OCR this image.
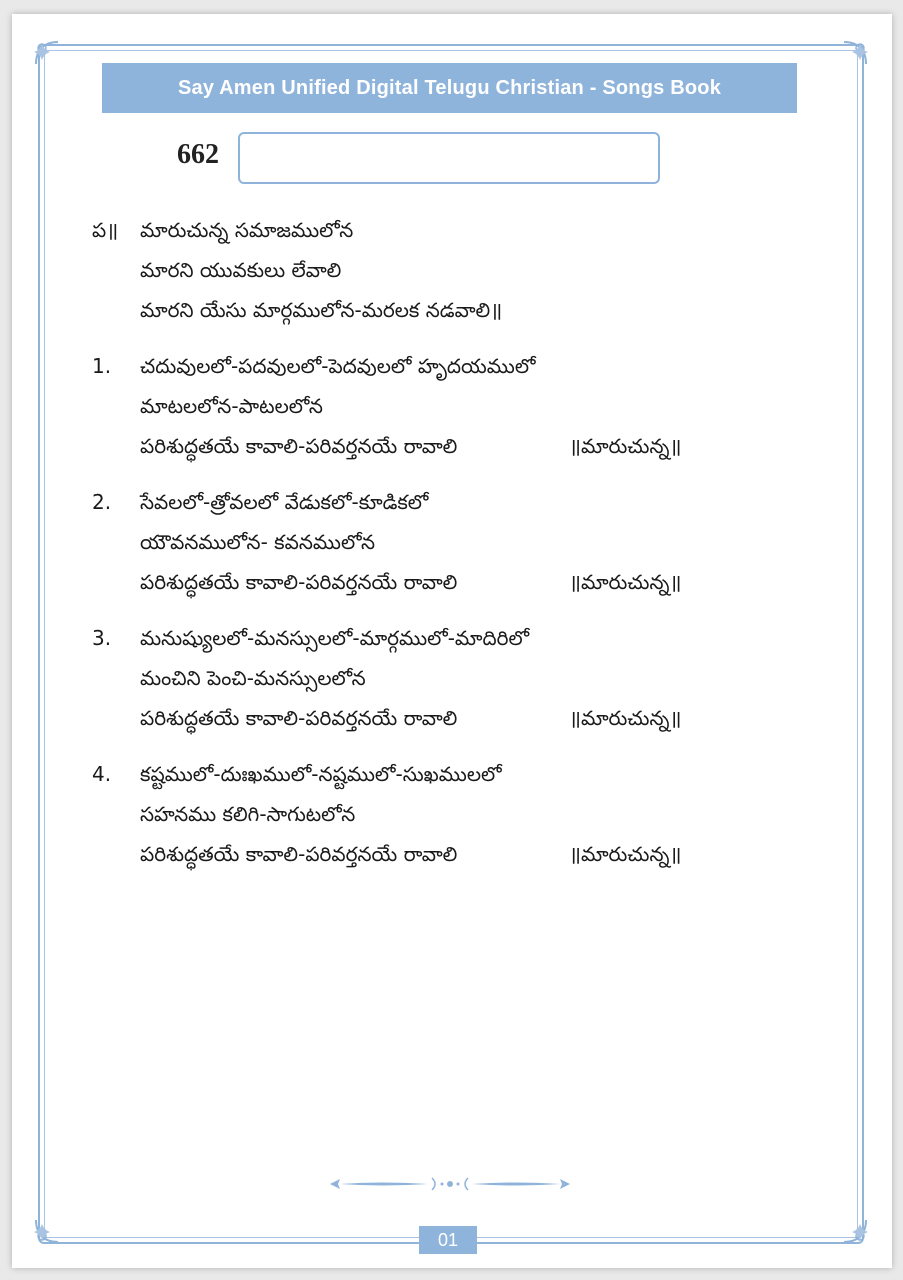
Say Amen Unified Digital Telugu Christian - Songs Book
662
ప॥	మారుచున్న సమాజములోన
మారని యువకులు లేవాలి
మారని యేసు మార్గములోన-మరలక నడవాలి॥
1.	చదువులలో-పదవులలో-పెదవులలో హృదయములో
మాటలలోన-పాటలలోన
పరిశుద్ధతయే కావాలి-పరివర్తనయే రావాలి	॥మారుచున్న॥
2.	సేవలలో-త్రోవలలో వేడుకలో-కూడికలో
యౌవనములోన- కవనములోన
పరిశుద్ధతయే కావాలి-పరివర్తనయే రావాలి	॥మారుచున్న॥
3.	మనుష్యులలో-మనస్సులలో-మార్గములో-మాదిరిలో
మంచిని పెంచి-మనస్సులలోన
పరిశుద్ధతయే కావాలి-పరివర్తనయే రావాలి	॥మారుచున్న॥
4.	కష్టములో-దుఃఖములో-నష్టములో-సుఖములలో
సహనము కలిగి-సాగుటలోన
పరిశుద్ధతయే కావాలి-పరివర్తనయే రావాలి	॥మారుచున్న॥
01
